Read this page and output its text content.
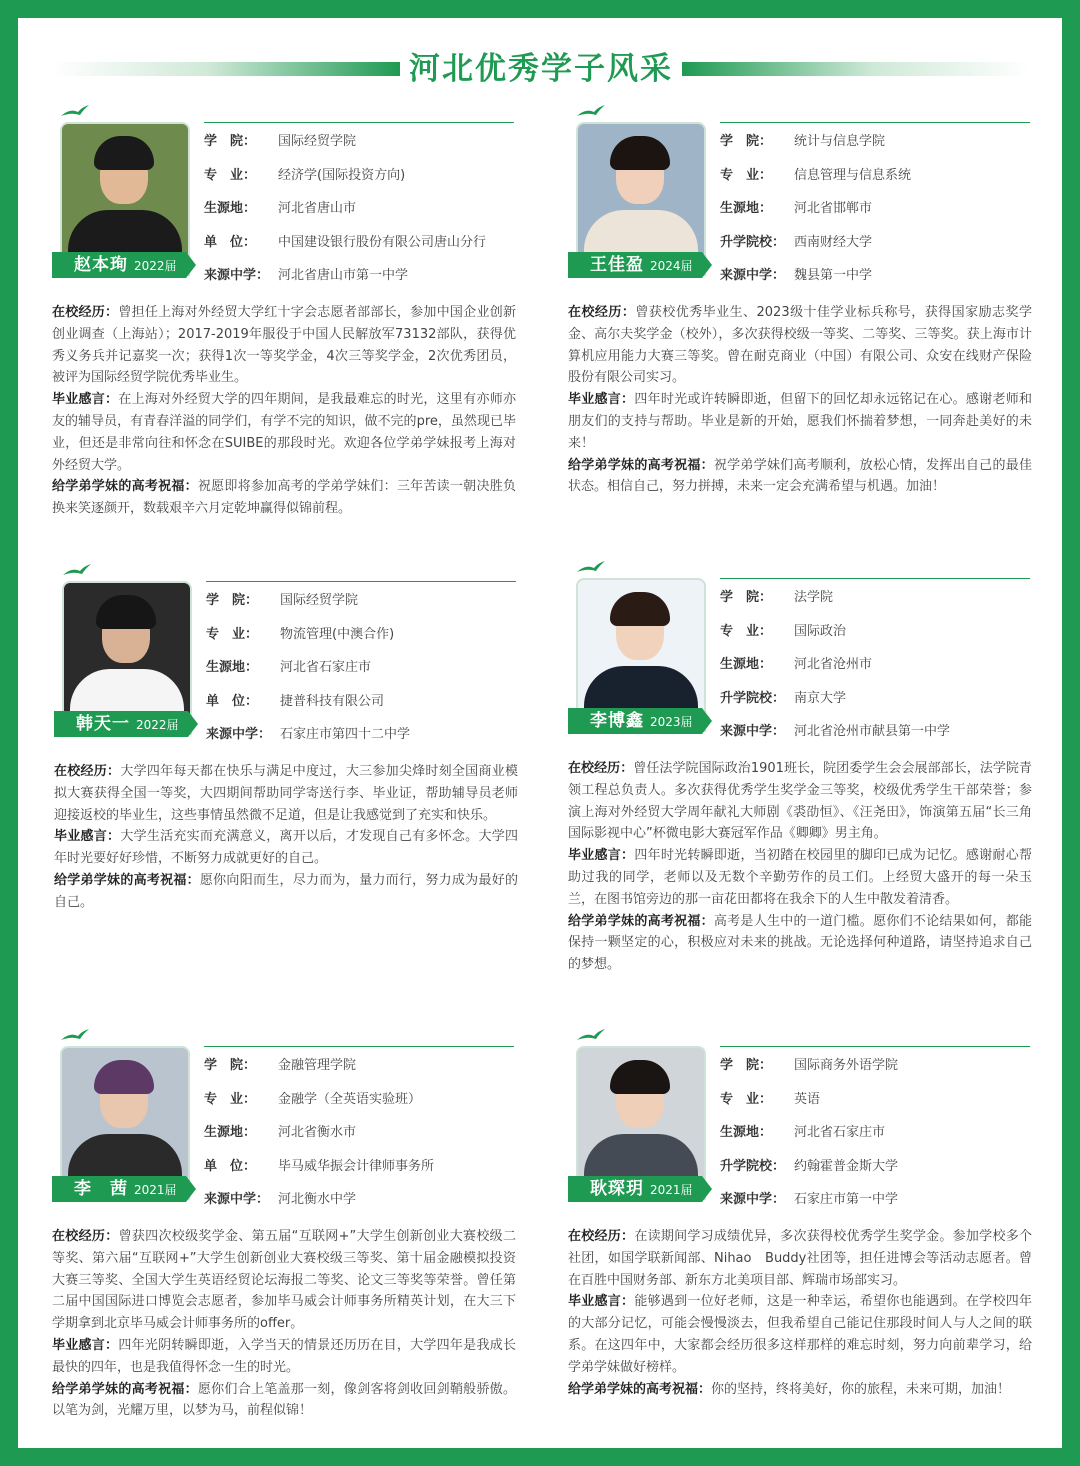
河北优秀学子风采
赵本珣 2022届
学　院：	国际经贸学院
专　业：	经济学(国际投资方向)
生源地：	河北省唐山市
单　位：	中国建设银行股份有限公司唐山分行
来源中学： 河北省唐山市第一中学

在校经历：曾担任上海对外经贸大学红十字会志愿者部部长，参加中国企业创新创业调查（上海站）；2017-2019年服役于中国人民解放军73132部队，获得优秀义务兵并记嘉奖一次；获得1次一等奖学金，4次三等奖学金，2次优秀团员，被评为国际经贸学院优秀毕业生。

毕业感言：在上海对外经贸大学的四年期间，是我最难忘的时光，这里有亦师亦友的辅导员，有青春洋溢的同学们，有学不完的知识，做不完的pre，虽然现已毕业，但还是非常向往和怀念在SUIBE的那段时光。欢迎各位学弟学妹报考上海对外经贸大学。

给学弟学妹的高考祝福：祝愿即将参加高考的学弟学妹们：三年苦读一朝决胜负换来笑逐颜开，数载艰辛六月定乾坤赢得似锦前程。

王佳盈 2024届
学　院：	统计与信息学院
专　业：	信息管理与信息系统
生源地：	河北省邯郸市
升学院校： 西南财经大学
来源中学： 魏县第一中学

在校经历：曾获校优秀毕业生、2023级十佳学业标兵称号，获得国家励志奖学金、高尔夫奖学金（校外），多次获得校级一等奖、二等奖、三等奖。获上海市计算机应用能力大赛三等奖。曾在耐克商业（中国）有限公司、众安在线财产保险股份有限公司实习。

毕业感言：四年时光或许转瞬即逝，但留下的回忆却永远铭记在心。感谢老师和朋友们的支持与帮助。毕业是新的开始，愿我们怀揣着梦想，一同奔赴美好的未来！

给学弟学妹的高考祝福：祝学弟学妹们高考顺利，放松心情，发挥出自己的最佳状态。相信自己，努力拼搏，未来一定会充满希望与机遇。加油！

韩天一 2022届
学　院：	国际经贸学院
专　业：	物流管理(中澳合作)
生源地：	河北省石家庄市
单　位：	捷普科技有限公司
来源中学： 石家庄市第四十二中学

在校经历：大学四年每天都在快乐与满足中度过，大三参加尖烽时刻全国商业模拟大赛获得全国一等奖，大四期间帮助同学寄送行李、毕业证，帮助辅导员老师迎接返校的毕业生，这些事情虽然微不足道，但是让我感觉到了充实和快乐。

毕业感言：大学生活充实而充满意义，离开以后，才发现自己有多怀念。大学四年时光要好好珍惜，不断努力成就更好的自己。

给学弟学妹的高考祝福：愿你向阳而生，尽力而为，量力而行，努力成为最好的自己。

李博鑫 2023届
学　院：	法学院
专　业：	国际政治
生源地：	河北省沧州市
升学院校： 南京大学
来源中学： 河北省沧州市献县第一中学

在校经历：曾任法学院国际政治1901班长，院团委学生会会展部部长，法学院青领工程总负责人。多次获得优秀学生奖学金三等奖，校级优秀学生干部荣誉；参演上海对外经贸大学周年献礼大师剧《裘劭恒》、《汪尧田》，饰演第五届“长三角国际影视中心”杯微电影大赛冠军作品《卿卿》男主角。

毕业感言：四年时光转瞬即逝，当初踏在校园里的脚印已成为记忆。感谢耐心帮助过我的同学，老师以及无数个辛勤劳作的员工们。上经贸大盛开的每一朵玉兰，在图书馆旁边的那一亩花田都将在我余下的人生中散发着清香。

给学弟学妹的高考祝福：高考是人生中的一道门槛。愿你们不论结果如何，都能保持一颗坚定的心，积极应对未来的挑战。无论选择何种道路，请坚持追求自己的梦想。

李　茜 2021届
学　院：	金融管理学院
专　业：	金融学（全英语实验班）
生源地：	河北省衡水市
单　位：	毕马威华振会计律师事务所
来源中学： 河北衡水中学

在校经历：曾获四次校级奖学金、第五届“互联网+”大学生创新创业大赛校级二等奖、第六届“互联网+”大学生创新创业大赛校级三等奖、第十届金融模拟投资大赛三等奖、全国大学生英语经贸论坛海报二等奖、论文三等奖等荣誉。曾任第二届中国国际进口博览会志愿者，参加毕马威会计师事务所精英计划，在大三下学期拿到北京毕马威会计师事务所的offer。

毕业感言：四年光阴转瞬即逝，入学当天的情景还历历在目，大学四年是我成长最快的四年，也是我值得怀念一生的时光。

给学弟学妹的高考祝福：愿你们合上笔盖那一刻，像剑客将剑收回剑鞘般骄傲。以笔为剑，光耀万里，以梦为马，前程似锦！

耿琛玥 2021届
学　院：	国际商务外语学院
专　业：	英语
生源地：	河北省石家庄市
升学院校： 约翰霍普金斯大学
来源中学： 石家庄市第一中学

在校经历：在读期间学习成绩优异，多次获得校优秀学生奖学金。参加学校多个社团，如国学联新闻部、Nihao　Buddy社团等，担任进博会等活动志愿者。曾在百胜中国财务部、新东方北美项目部、辉瑞市场部实习。

毕业感言：能够遇到一位好老师，这是一种幸运，希望你也能遇到。在学校四年的大部分记忆，可能会慢慢淡去，但我希望自己能记住那段时间人与人之间的联系。在这四年中，大家都会经历很多这样那样的难忘时刻，努力向前辈学习，给学弟学妹做好榜样。

给学弟学妹的高考祝福：你的坚持，终将美好，你的旅程，未来可期，加油！
